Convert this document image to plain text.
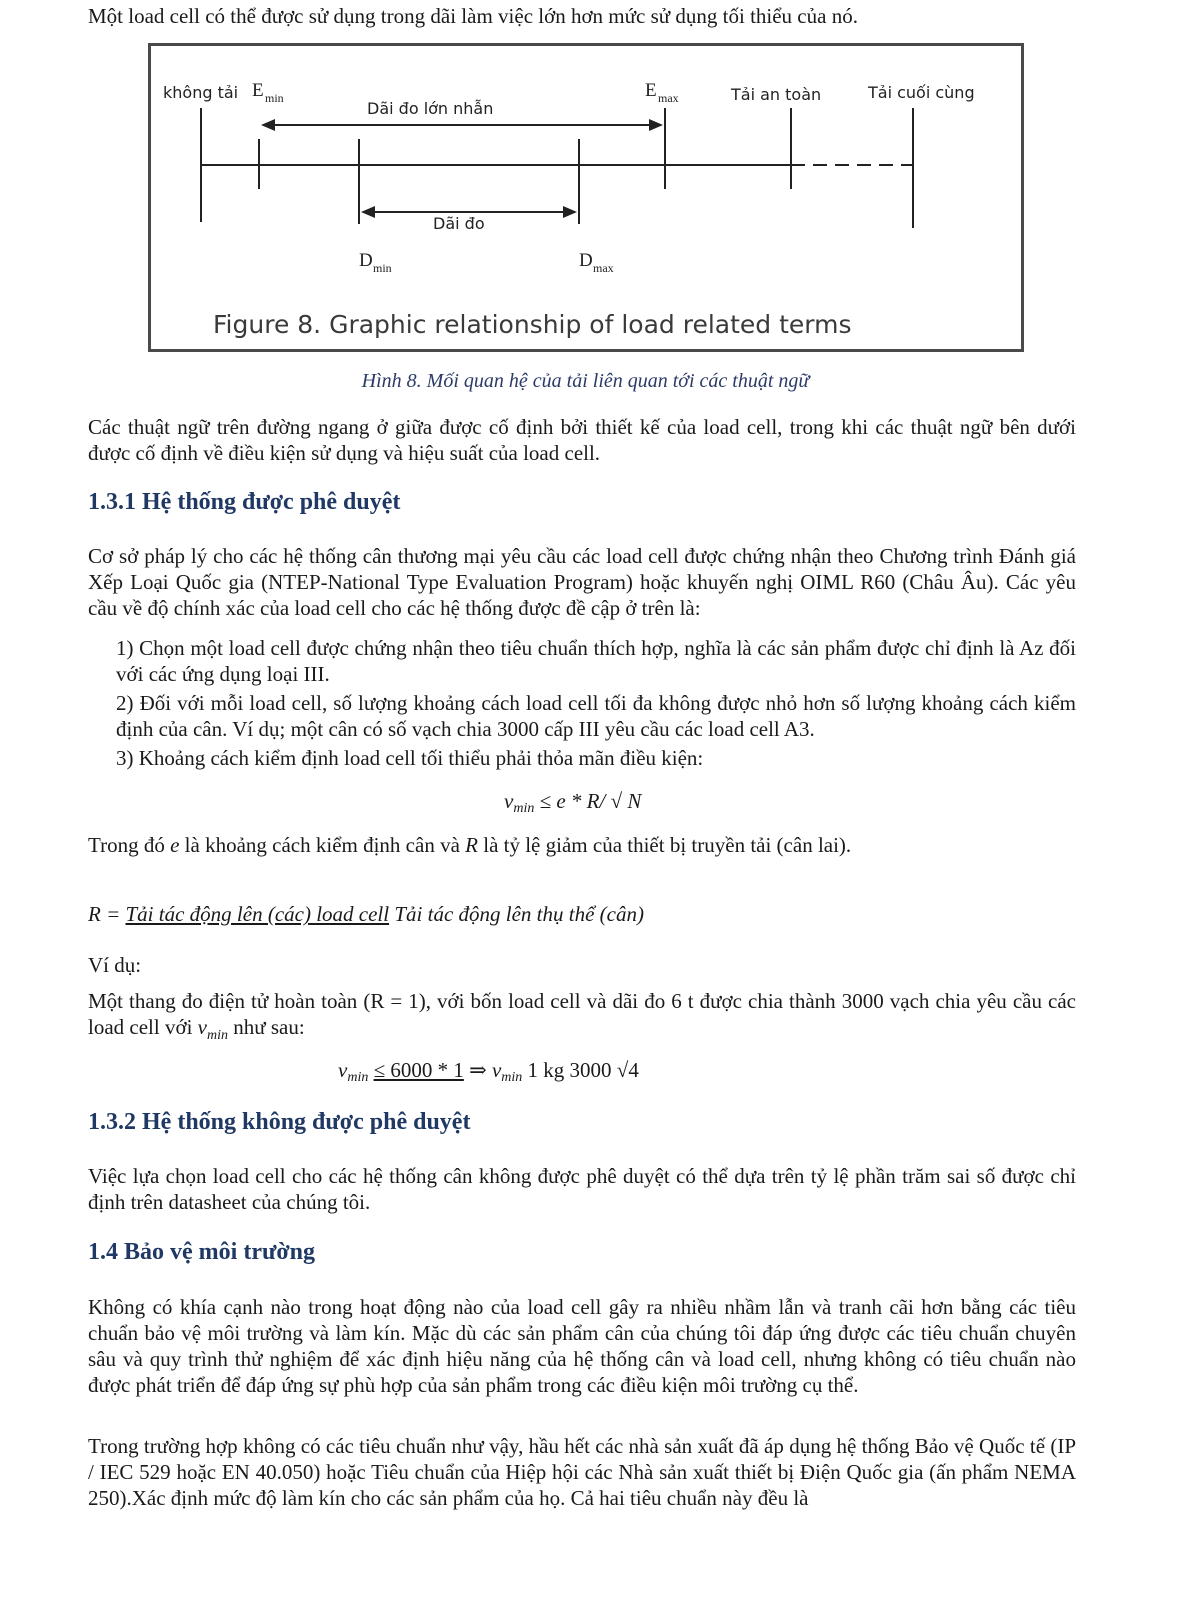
Một load cell có thể được sử dụng trong dãi làm việc lớn hơn mức sử dụng tối thiểu của nó.

không tải E min
Dãi đo lớn nhẫn
E max	Tải an toàn	Tải cuối cùng
Dãi đo
D min	D max
Figure 8. Graphic relationship of load related terms

Hình 8. Mối quan hệ của tải liên quan tới các thuật ngữ

Các thuật ngữ trên đường ngang ở giữa được cố định bởi thiết kế của load cell, trong khi các thuật ngữ bên dưới được cố định về điều kiện sử dụng và hiệu suất của load cell.

1.3.1 Hệ thống được phê duyệt

Cơ sở pháp lý cho các hệ thống cân thương mại yêu cầu các load cell được chứng nhận theo Chương trình Đánh giá Xếp Loại Quốc gia (NTEP-National Type Evaluation Program) hoặc khuyến nghị OIML R60 (Châu Âu). Các yêu cầu về độ chính xác của load cell cho các hệ thống được đề cập ở trên là:

1) Chọn một load cell được chứng nhận theo tiêu chuẩn thích hợp, nghĩa là các sản phẩm được chỉ định là Az đối với các ứng dụng loại III.

2) Đối với mỗi load cell, số lượng khoảng cách load cell tối đa không được nhỏ hơn số lượng khoảng cách kiểm định của cân. Ví dụ; một cân có số vạch chia 3000 cấp III yêu cầu các load cell A3.

3) Khoảng cách kiểm định load cell tối thiểu phải thỏa mãn điều kiện:

$v_{min} \le e * R/$ √ N

Trong đó e là khoảng cách kiểm định cân và R là tỷ lệ giảm của thiết bị truyền tải (cân lai).

R = Tải tác động lên (các) load cell Tải tác động lên thụ thể (cân)

Ví dụ:

Một thang đo điện tử hoàn toàn (R = 1), với bốn load cell và dãi đo 6 t được chia thành 3000 vạch chia yêu cầu các load cell với $v_{min}$ như sau:

$v_{min} \le 6000 * 1$ ⇒ $v_{min}$ 1 kg 3000 √4

1.3.2 Hệ thống không được phê duyệt

Việc lựa chọn load cell cho các hệ thống cân không được phê duyệt có thể dựa trên tỷ lệ phần trăm sai số được chỉ định trên datasheet của chúng tôi.

1.4 Bảo vệ môi trường

Không có khía cạnh nào trong hoạt động nào của load cell gây ra nhiều nhầm lẫn và tranh cãi hơn bằng các tiêu chuẩn bảo vệ môi trường và làm kín. Mặc dù các sản phẩm cân của chúng tôi đáp ứng được các tiêu chuẩn chuyên sâu và quy trình thử nghiệm để xác định hiệu năng của hệ thống cân và load cell, nhưng không có tiêu chuẩn nào được phát triển để đáp ứng sự phù hợp của sản phẩm trong các điều kiện môi trường cụ thể.

Trong trường hợp không có các tiêu chuẩn như vậy, hầu hết các nhà sản xuất đã áp dụng hệ thống Bảo vệ Quốc tế (IP / IEC 529 hoặc EN 40.050) hoặc Tiêu chuẩn của Hiệp hội các Nhà sản xuất thiết bị Điện Quốc gia (ấn phẩm NEMA 250).Xác định mức độ làm kín cho các sản phẩm của họ. Cả hai tiêu chuẩn này đều là
